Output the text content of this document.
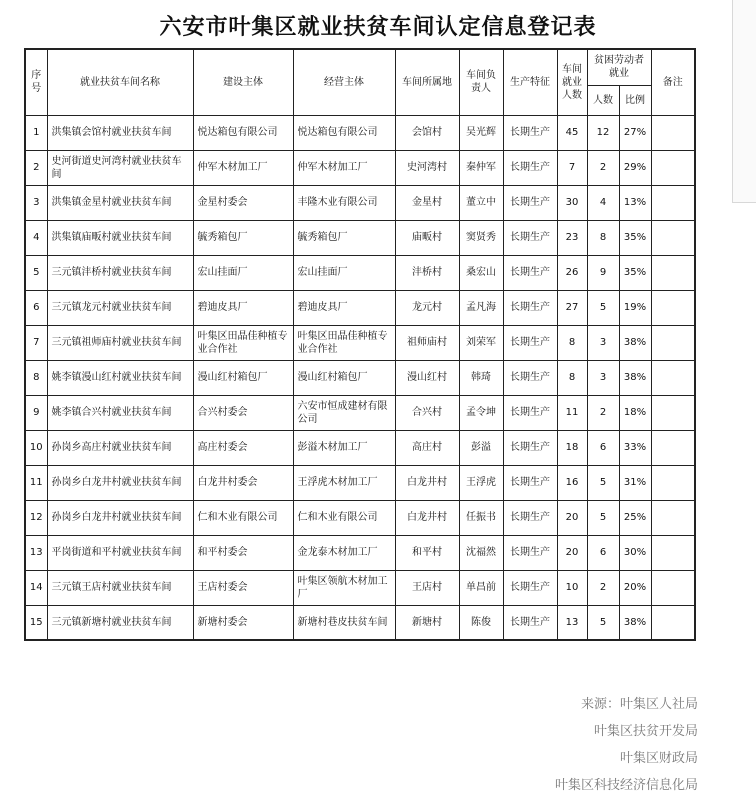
六安市叶集区就业扶贫车间认定信息登记表
序号	就业扶贫车间名称	建设主体	经营主体	车间所属地	车间负责人	生产特征	车间就业人数	贫困劳动者就业		备注
								人数	比例	
1	洪集镇会馆村就业扶贫车间	悦达箱包有限公司	悦达箱包有限公司	会馆村	吴光辉	长期生产	45	12	27%	
2	史河街道史河湾村就业扶贫车间	仲军木材加工厂	仲军木材加工厂	史河湾村	秦仲军	长期生产	7	2	29%	
3	洪集镇金星村就业扶贫车间	金星村委会	丰隆木业有限公司	金星村	董立中	长期生产	30	4	13%	
4	洪集镇庙畈村就业扶贫车间	毓秀箱包厂	毓秀箱包厂	庙畈村	窦贤秀	长期生产	23	8	35%	
5	三元镇沣桥村就业扶贫车间	宏山挂面厂	宏山挂面厂	沣桥村	桑宏山	长期生产	26	9	35%	
6	三元镇龙元村就业扶贫车间	碧迪皮具厂	碧迪皮具厂	龙元村	孟凡海	长期生产	27	5	19%	
7	三元镇祖师庙村就业扶贫车间	叶集区田晶佳种植专业合作社	叶集区田晶佳种植专业合作社	祖师庙村	刘荣军	长期生产	8	3	38%	
8	姚李镇漫山红村就业扶贫车间	漫山红村箱包厂	漫山红村箱包厂	漫山红村	韩琦	长期生产	8	3	38%	
9	姚李镇合兴村就业扶贫车间	合兴村委会	六安市恒成建材有限公司	合兴村	孟令坤	长期生产	11	2	18%	
10	孙岗乡高庄村就业扶贫车间	高庄村委会	彭溢木材加工厂	高庄村	彭溢	长期生产	18	6	33%	
11	孙岗乡白龙井村就业扶贫车间	白龙井村委会	王浮虎木材加工厂	白龙井村	王浮虎	长期生产	16	5	31%	
12	孙岗乡白龙井村就业扶贫车间	仁和木业有限公司	仁和木业有限公司	白龙井村	任振书	长期生产	20	5	25%	
13	平岗街道和平村就业扶贫车间	和平村委会	金龙泰木材加工厂	和平村	沈福然	长期生产	20	6	30%	
14	三元镇王店村就业扶贫车间	王店村委会	叶集区领航木材加工厂	王店村	单昌前	长期生产	10	2	20%	
15	三元镇新塘村就业扶贫车间	新塘村委会	新塘村巷皮扶贫车间	新塘村	陈俊	长期生产	13	5	38%	
来源：叶集区人社局
叶集区扶贫开发局
叶集区财政局
叶集区科技经济信息化局
